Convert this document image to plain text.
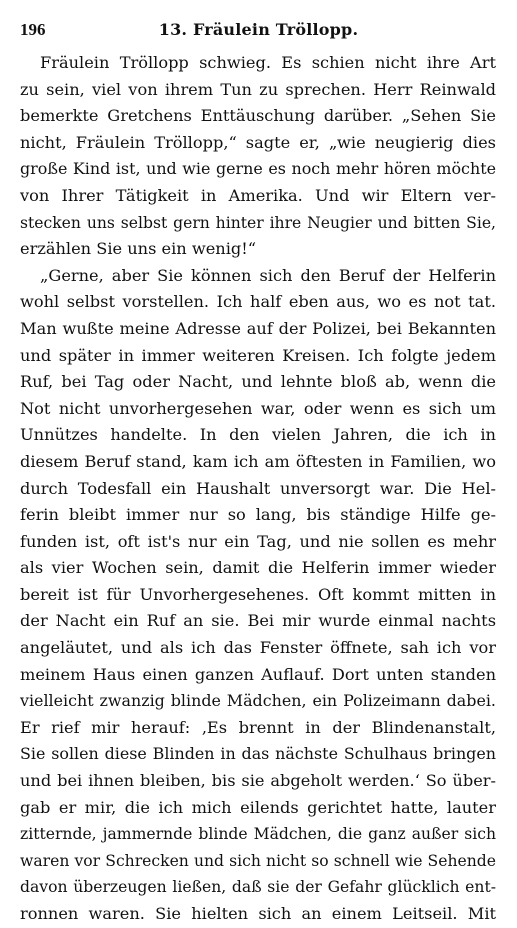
196	13. Fräulein Tröllopp.
Fräulein Tröllopp schwieg. Es schien nicht ihre Art
zu sein, viel von ihrem Tun zu sprechen. Herr Reinwald
bemerkte Gretchens Enttäuschung darüber. „Sehen Sie
nicht, Fräulein Tröllopp,“ sagte er, „wie neugierig dies
große Kind ist, und wie gerne es noch mehr hören möchte
von Ihrer Tätigkeit in Amerika. Und wir Eltern ver-
stecken uns selbst gern hinter ihre Neugier und bitten Sie,
erzählen Sie uns ein wenig!“
„Gerne, aber Sie können sich den Beruf der Helferin
wohl selbst vorstellen. Ich half eben aus, wo es not tat.
Man wußte meine Adresse auf der Polizei, bei Bekannten
und später in immer weiteren Kreisen. Ich folgte jedem
Ruf, bei Tag oder Nacht, und lehnte bloß ab, wenn die
Not nicht unvorhergesehen war, oder wenn es sich um
Unnützes handelte. In den vielen Jahren, die ich in
diesem Beruf stand, kam ich am öftesten in Familien, wo
durch Todesfall ein Haushalt unversorgt war. Die Hel-
ferin bleibt immer nur so lang, bis ständige Hilfe ge-
funden ist, oft ist's nur ein Tag, und nie sollen es mehr
als vier Wochen sein, damit die Helferin immer wieder
bereit ist für Unvorhergesehenes. Oft kommt mitten in
der Nacht ein Ruf an sie. Bei mir wurde einmal nachts
angeläutet, und als ich das Fenster öffnete, sah ich vor
meinem Haus einen ganzen Auflauf. Dort unten standen
vielleicht zwanzig blinde Mädchen, ein Polizeimann dabei.
Er rief mir herauf: ‚Es brennt in der Blindenanstalt,
Sie sollen diese Blinden in das nächste Schulhaus bringen
und bei ihnen bleiben, bis sie abgeholt werden.‘ So über-
gab er mir, die ich mich eilends gerichtet hatte, lauter
zitternde, jammernde blinde Mädchen, die ganz außer sich
waren vor Schrecken und sich nicht so schnell wie Sehende
davon überzeugen ließen, daß sie der Gefahr glücklich ent-
ronnen waren. Sie hielten sich an einem Leitseil. Mit
